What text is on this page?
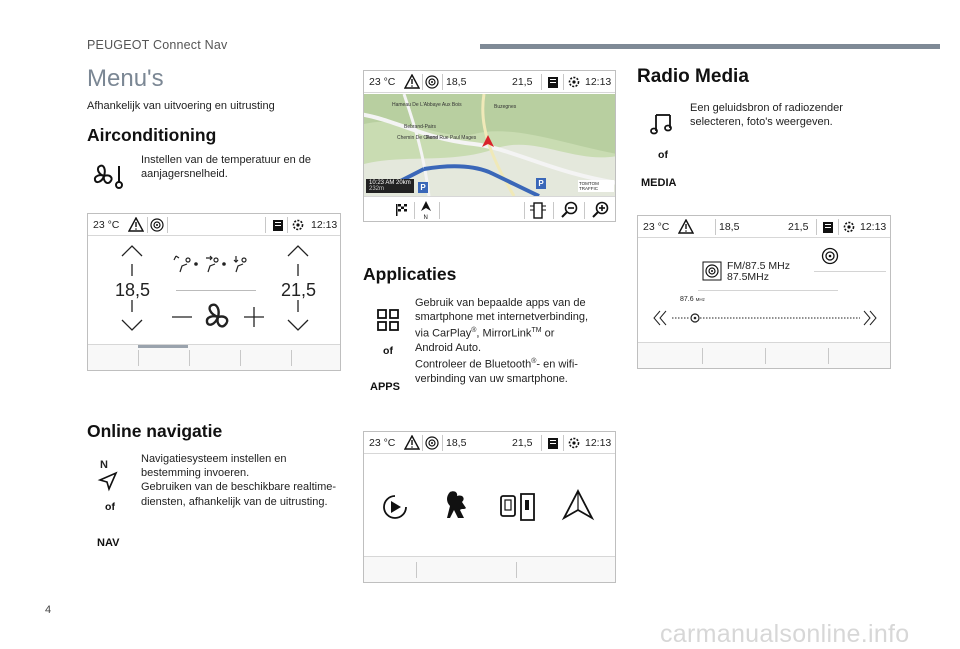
PEUGEOT Connect Nav
Menu's
Afhankelijk van uitvoering en uitrusting
Airconditioning
Instellen van de temperatuur en de aanjagersnelheid.
23 °C	12:13
18,5	21,5
Online navigatie
N
of
NAV
Navigatiesysteem instellen en bestemming invoeren.
Gebruiken van de beschikbare realtime-diensten, afhankelijk van de uitrusting.
23 °C	18,5	21,5	12:13
Hameau De L'Abbaye Aux Bois	Buzegnes
Bebrand-Pairs
Chemin De Chene
Rond Rue Paul Mages
10:23 AM 20km
232m	P	P	TOMTOM TRAFFIC
N
Applicaties
of
APPS
Gebruik van bepaalde apps van de
smartphone met internetverbinding,
via CarPlay®, MirrorLink™ or
Android Auto.
Controleer de Bluetooth®- en wifi-verbinding van uw smartphone.
23 °C	18,5	21,5	12:13
Radio Media
of
MEDIA
Een geluidsbron of radiozender selecteren, foto's weergeven.
23 °C	18,5	21,5	12:13
FM/87.5 MHz
87.5MHz
87.6 MHz
4
carmanualsonline.info
